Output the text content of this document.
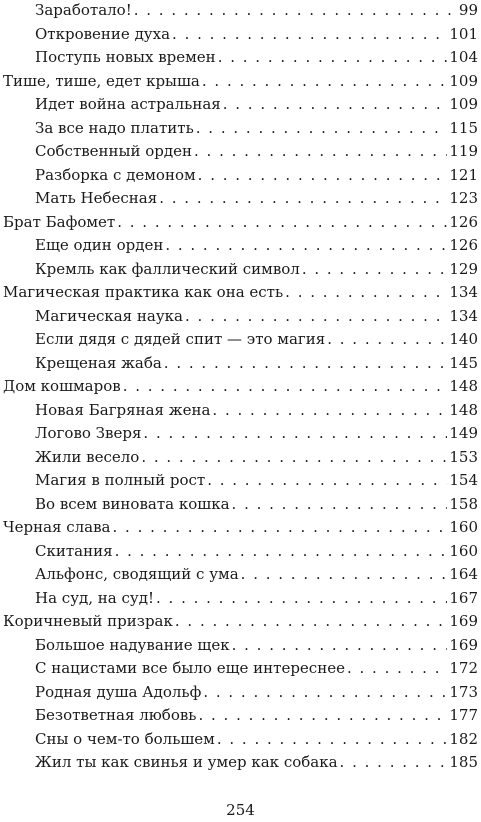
Заработало! . . .	99
Откровение духа . . .	101
Поступь новых времен . . .	104
Тише, тише, едет крыша . . .	109
Идет война астральная . . .	109
За все надо платить . . .	115
Собственный орден . . .	119
Разборка с демоном . . .	121
Мать Небесная . . .	123
Брат Бафомет . . .	126
Еще один орден . . .	126
Кремль как фаллический символ . . .	129
Магическая практика как она есть . . .	134
Магическая наука . . .	134
Если дядя с дядей спит — это магия . . .	140
Крещеная жаба . . .	145
Дом кошмаров . . .	148
Новая Багряная жена . . .	148
Логово Зверя . . .	149
Жили весело . . .	153
Магия в полный рост . . .	154
Во всем виновата кошка . . .	158
Черная слава . . .	160
Скитания . . .	160
Альфонс, сводящий с ума . . .	164
На суд, на суд! . . .	167
Коричневый призрак . . .	169
Большое надувание щек . . .	169
С нацистами все было еще интереснее . . .	172
Родная душа Адольф . . .	173
Безответная любовь . . .	177
Сны о чем-то большем . . .	182
Жил ты как свинья и умер как собака . . .	185
254
